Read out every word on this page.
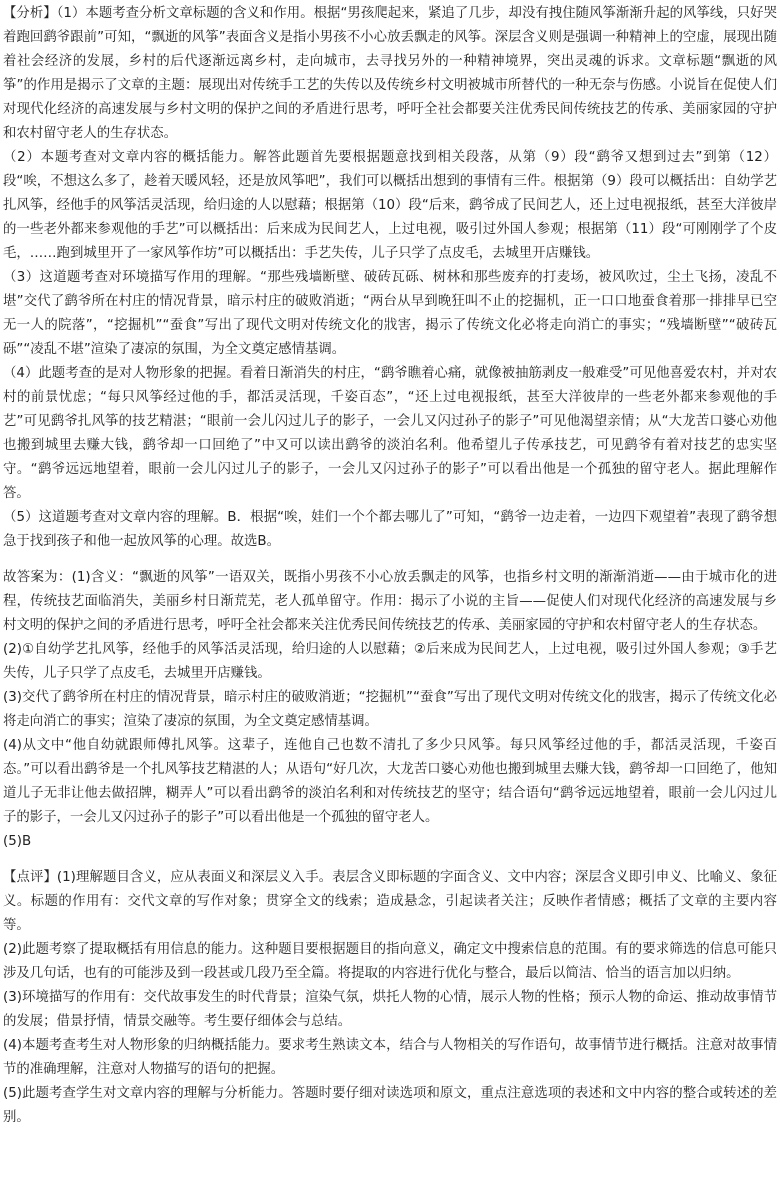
【分析】（1）本题考查分析文章标题的含义和作用。根据“男孩爬起来，紧追了几步，却没有拽住随风筝渐渐升起的风筝线，只好哭着跑回鹞爷跟前”可知，“飘逝的风筝”表面含义是指小男孩不小心放丢飘走的风筝。深层含义则是强调一种精神上的空虚，展现出随着社会经济的发展，乡村的后代逐渐远离乡村，走向城市，去寻找另外的一种精神境界，突出灵魂的诉求。文章标题“飘逝的风筝”的作用是揭示了文章的主题：展现出对传统手工艺的失传以及传统乡村文明被城市所替代的一种无奈与伤感。小说旨在促使人们对现代化经济的高速发展与乡村文明的保护之间的矛盾进行思考，呼吁全社会都要关注优秀民间传统技艺的传承、美丽家园的守护和农村留守老人的生存状态。

（2）本题考查对文章内容的概括能力。解答此题首先要根据题意找到相关段落，从第（9）段“鹞爷又想到过去”到第（12）段“唉，不想这么多了，趁着天暖风轻，还是放风筝吧”，我们可以概括出想到的事情有三件。根据第（9）段可以概括出：自幼学艺扎风筝，经他手的风筝活灵活现，给归途的人以慰藉；根据第（10）段“后来，鹞爷成了民间艺人，还上过电视报纸，甚至大洋彼岸的一些老外都来参观他的手艺”可以概括出：后来成为民间艺人，上过电视，吸引过外国人参观；根据第（11）段“可刚刚学了个皮毛，……跑到城里开了一家风筝作坊”可以概括出：手艺失传，儿子只学了点皮毛，去城里开店赚钱。

（3）这道题考查对环境描写作用的理解。“那些残墙断壁、破砖瓦砾、树林和那些废弃的打麦场，被风吹过，尘土飞扬，凌乱不堪”交代了鹞爷所在村庄的情况背景，暗示村庄的破败消逝；“两台从早到晚狂叫不止的挖掘机，正一口口地蚕食着那一排排早已空无一人的院落”，“挖掘机”“蚕食”写出了现代文明对传统文化的戕害，揭示了传统文化必将走向消亡的事实；“残墙断壁”“破砖瓦砾”“凌乱不堪”渲染了凄凉的氛围，为全文奠定感情基调。

（4）此题考查的是对人物形象的把握。看着日渐消失的村庄，“鹞爷瞧着心痛，就像被抽筋剥皮一般难受”可见他喜爱农村，并对农村的前景忧虑；“每只风筝经过他的手，都活灵活现，千姿百态”，“还上过电视报纸，甚至大洋彼岸的一些老外都来参观他的手艺”可见鹞爷扎风筝的技艺精湛；“眼前一会儿闪过儿子的影子，一会儿又闪过孙子的影子”可见他渴望亲情；从“大龙苦口婆心劝他也搬到城里去赚大钱，鹞爷却一口回绝了”中又可以读出鹞爷的淡泊名利。他希望儿子传承技艺，可见鹞爷有着对技艺的忠实坚守。“鹞爷远远地望着，眼前一会儿闪过儿子的影子，一会儿又闪过孙子的影子”可以看出他是一个孤独的留守老人。据此理解作答。

（5）这道题考查对文章内容的理解。B．根据“唉，娃们一个个都去哪儿了”可知，“鹞爷一边走着，一边四下观望着”表现了鹞爷想急于找到孩子和他一起放风筝的心理。故选B。

故答案为：(1)含义：“飘逝的风筝”一语双关，既指小男孩不小心放丢飘走的风筝，也指乡村文明的渐渐消逝——由于城市化的进程，传统技艺面临消失，美丽乡村日渐荒芜，老人孤单留守。作用：揭示了小说的主旨——促使人们对现代化经济的高速发展与乡村文明的保护之间的矛盾进行思考，呼吁全社会都来关注优秀民间传统技艺的传承、美丽家园的守护和农村留守老人的生存状态。

(2)①自幼学艺扎风筝，经他手的风筝活灵活现，给归途的人以慰藉；②后来成为民间艺人，上过电视，吸引过外国人参观；③手艺失传，儿子只学了点皮毛，去城里开店赚钱。

(3)交代了鹞爷所在村庄的情况背景，暗示村庄的破败消逝；“挖掘机”“蚕食”写出了现代文明对传统文化的戕害，揭示了传统文化必将走向消亡的事实；渲染了凄凉的氛围，为全文奠定感情基调。

(4)从文中“他自幼就跟师傅扎风筝。这辈子，连他自己也数不清扎了多少只风筝。每只风筝经过他的手，都活灵活现，千姿百态。”可以看出鹞爷是一个扎风筝技艺精湛的人；从语句“好几次，大龙苦口婆心劝他也搬到城里去赚大钱，鹞爷却一口回绝了，他知道儿子无非让他去做招牌，糊弄人”可以看出鹞爷的淡泊名利和对传统技艺的坚守；结合语句“鹞爷远远地望着，眼前一会儿闪过儿子的影子，一会儿又闪过孙子的影子”可以看出他是一个孤独的留守老人。

(5)B

【点评】(1)理解题目含义，应从表面义和深层义入手。表层含义即标题的字面含义、文中内容；深层含义即引申义、比喻义、象征义。标题的作用有：交代文章的写作对象；贯穿全文的线索；造成悬念，引起读者关注；反映作者情感；概括了文章的主要内容等。

(2)此题考察了提取概括有用信息的能力。这种题目要根据题目的指向意义，确定文中搜索信息的范围。有的要求筛选的信息可能只涉及几句话，也有的可能涉及到一段甚或几段乃至全篇。将提取的内容进行优化与整合，最后以简洁、恰当的语言加以归纳。

(3)环境描写的作用有：交代故事发生的时代背景；渲染气氛，烘托人物的心情，展示人物的性格；预示人物的命运、推动故事情节的发展；借景抒情，情景交融等。考生要仔细体会与总结。

(4)本题考查考生对人物形象的归纳概括能力。要求考生熟读文本，结合与人物相关的写作语句，故事情节进行概括。注意对故事情节的准确理解，注意对人物描写的语句的把握。

(5)此题考查学生对文章内容的理解与分析能力。答题时要仔细对读选项和原文，重点注意选项的表述和文中内容的整合或转述的差别。
